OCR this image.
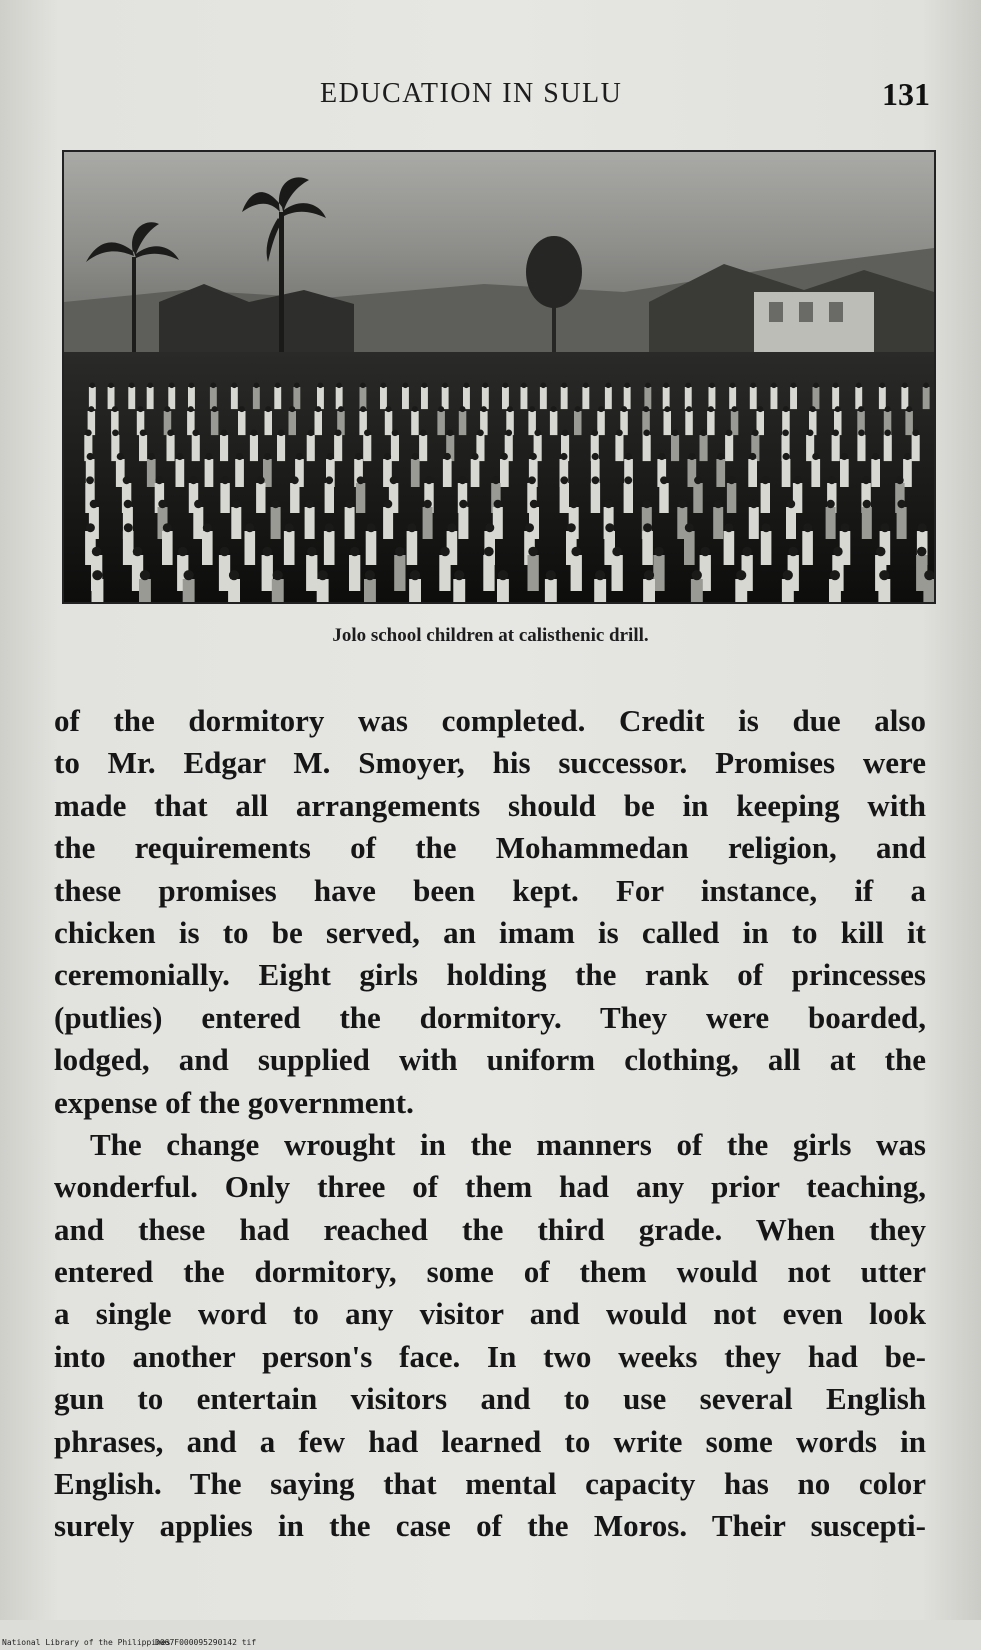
EDUCATION IN SULU	131
Jolo school children at calisthenic drill.
of the dormitory was completed. Credit is due also
to Mr. Edgar M. Smoyer, his successor. Promises were
made that all arrangements should be in keeping with
the requirements of the Mohammedan religion, and
these promises have been kept. For instance, if a
chicken is to be served, an imam is called in to kill it
ceremonially. Eight girls holding the rank of princesses
(putlies) entered the dormitory. They were boarded,
lodged, and supplied with uniform clothing, all at the
expense of the government.
The change wrought in the manners of the girls was
wonderful. Only three of them had any prior teaching,
and these had reached the third grade. When they
entered the dormitory, some of them would not utter
a single word to any visitor and would not even look
into another person's face. In two weeks they had be-
gun to entertain visitors and to use several English
phrases, and a few had learned to write some words in
English. The saying that mental capacity has no color
surely applies in the case of the Moros. Their suscepti-
National Library of the Philippines
D067F000095290142 tif
